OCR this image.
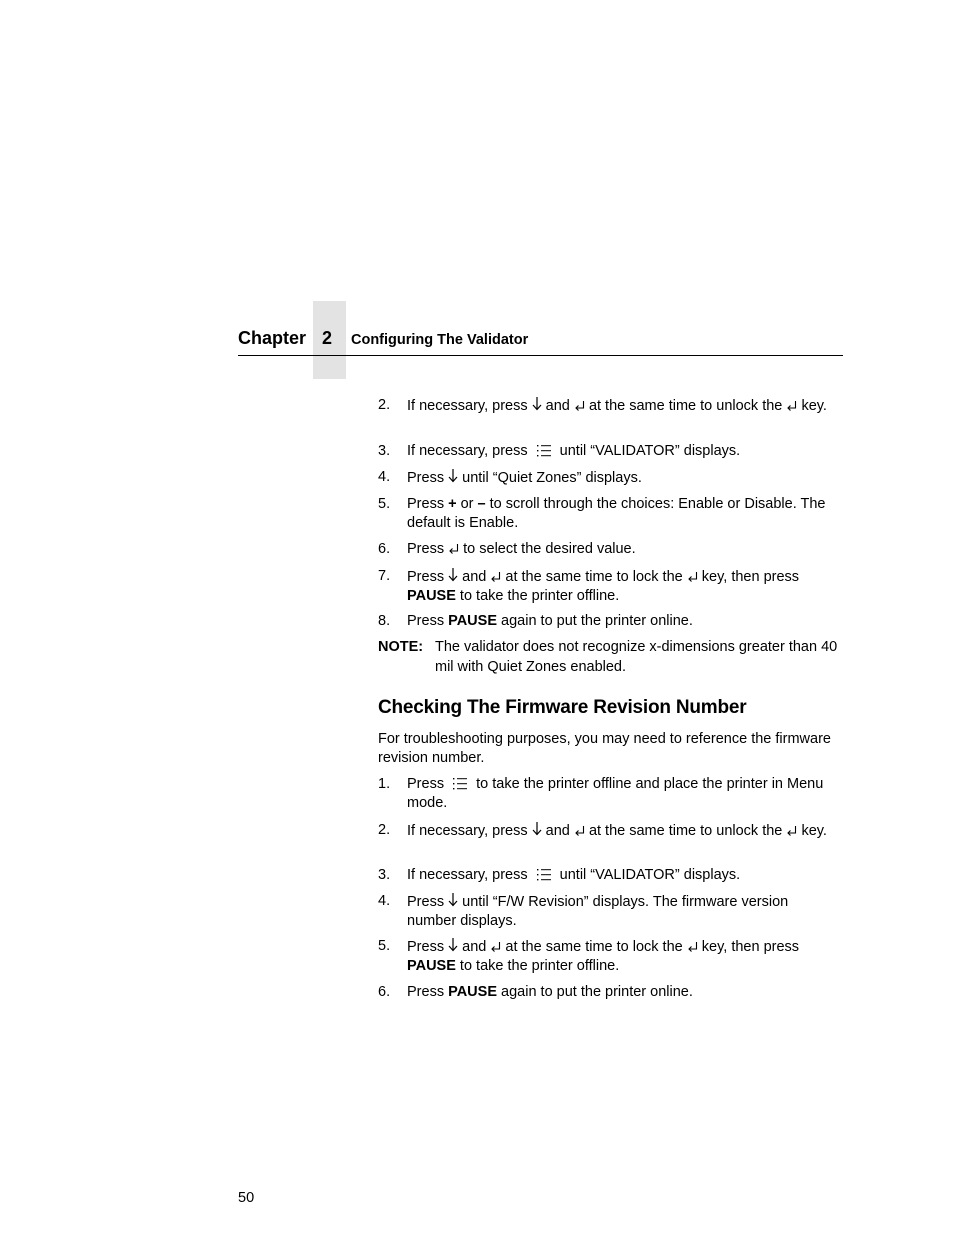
Chapter 2 Configuring The Validator
2. If necessary, press and at the same time to unlock the key.
3. If necessary, press until “VALIDATOR” displays.
4. Press until “Quiet Zones” displays.
5. Press + or – to scroll through the choices: Enable or Disable. The default is Enable.
6. Press to select the desired value.
7. Press and at the same time to lock the key, then press PAUSE to take the printer offline.
8. Press PAUSE again to put the printer online.
NOTE: The validator does not recognize x-dimensions greater than 40 mil with Quiet Zones enabled.
Checking The Firmware Revision Number
For troubleshooting purposes, you may need to reference the firmware revision number.
1. Press to take the printer offline and place the printer in Menu mode.
2. If necessary, press and at the same time to unlock the key.
3. If necessary, press until “VALIDATOR” displays.
4. Press until “F/W Revision” displays. The firmware version number displays.
5. Press and at the same time to lock the key, then press PAUSE to take the printer offline.
6. Press PAUSE again to put the printer online.
50
